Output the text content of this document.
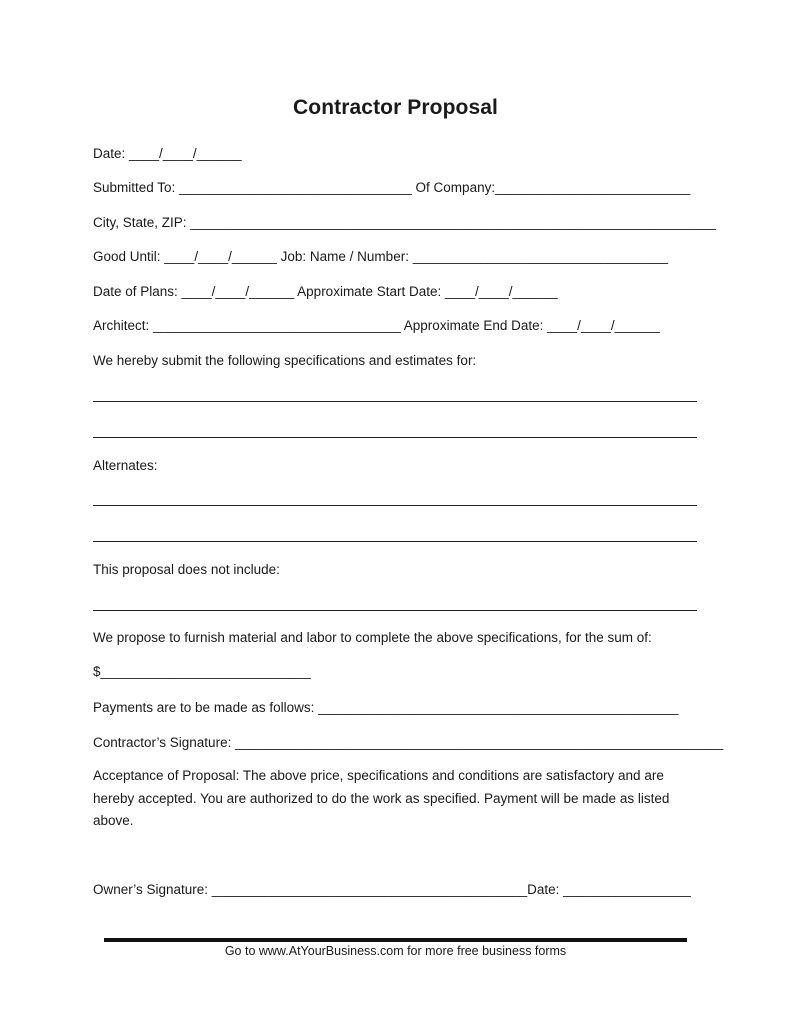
Contractor Proposal
Date: ____/____/______
Submitted To: _______________________________ Of Company:__________________________
City, State, ZIP: ______________________________________________________________________
Good Until: ____/____/______ Job: Name / Number: __________________________________
Date of Plans: ____/____/______ Approximate Start Date: ____/____/______
Architect: _________________________________ Approximate End Date: ____/____/______
We hereby submit the following specifications and estimates for:
Alternates:
This proposal does not include:
We propose to furnish material and labor to complete the above specifications, for the sum of:
$____________________________
Payments are to be made as follows: ________________________________________________
Contractor’s Signature: _________________________________________________________________
Acceptance of Proposal: The above price, specifications and conditions are satisfactory and are hereby accepted. You are authorized to do the work as specified. Payment will be made as listed above.
Owner’s Signature: __________________________________________Date: _________________
Go to www.AtYourBusiness.com for more free business forms
